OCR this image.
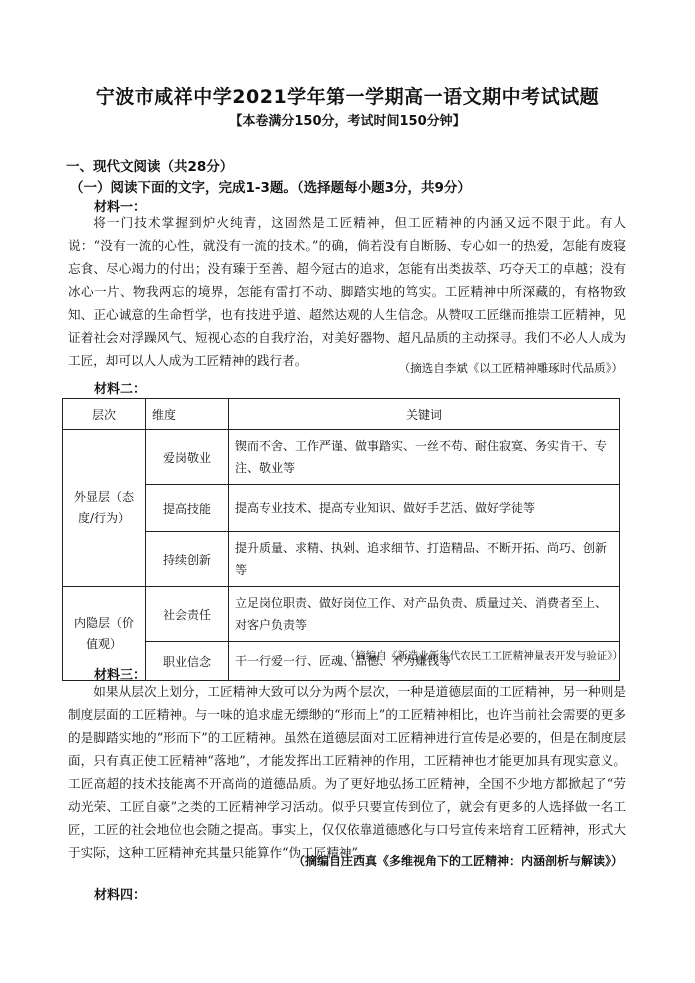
宁波市咸祥中学2021学年第一学期高一语文期中考试试题
【本卷满分150分，考试时间150分钟】
一、现代文阅读（共28分）
（一）阅读下面的文字，完成1-3题。（选择题每小题3分，共9分）
材料一：

将一门技术掌握到炉火纯青，这固然是工匠精神，但工匠精神的内涵又远不限于此。有人说：“没有一流的心性，就没有一流的技术。”的确，倘若没有自断肠、专心如一的热爱，怎能有废寝忘食、尽心竭力的付出；没有臻于至善、超今冠古的追求，怎能有出类拔萃、巧夺天工的卓越；没有冰心一片、物我两忘的境界，怎能有雷打不动、脚踏实地的笃实。工匠精神中所深藏的，有格物致知、正心诚意的生命哲学，也有技进乎道、超然达观的人生信念。从赞叹工匠继而推崇工匠精神，见证着社会对浮躁风气、短视心态的自我疗治，对美好器物、超凡品质的主动探寻。我们不必人人成为工匠，却可以人人成为工匠精神的践行者。	（摘选自李斌《以工匠精神雕琢时代品质》）
材料二：
层次	维度	关键词
外显层（态度/行为）	爱岗敬业	锲而不舍、工作严谨、做事踏实、一丝不苟、耐住寂寞、务实肯干、专注、敬业等
	提高技能	提高专业技术、提高专业知识、做好手艺活、做好学徒等
	持续创新	提升质量、求精、执剁、追求细节、打造精品、不断开拓、尚巧、创新等
内隐层（价值观）	社会责任	立足岗位职责、做好岗位工作、对产品负责、质量过关、消费者至上、对客户负责等
	职业信念	干一行爱一行、匠魂、品德、不为赚钱等
（摘编自《新造业新生代农民工工匠精神量表开发与验证》）
材料三：

如果从层次上划分，工匠精神大致可以分为两个层次，一种是道德层面的工匠精神，另一种则是制度层面的工匠精神。与一味的追求虚无缥缈的“形而上”的工匠精神相比，也许当前社会需要的更多的是脚踏实地的“形而下”的工匠精神。虽然在道德层面对工匠精神进行宣传是必要的，但是在制度层面，只有真正使工匠精神“落地”，才能发挥出工匠精神的作用，工匠精神也才能更加具有现实意义。工匠高超的技术技能离不开高尚的道德品质。为了更好地弘扬工匠精神，全国不少地方都掀起了“劳动光荣、工匠自豪”之类的工匠精神学习活动。似乎只要宣传到位了，就会有更多的人选择做一名工匠，工匠的社会地位也会随之提高。事实上，仅仅依靠道德感化与口号宣传来培育工匠精神，形式大于实际，这种工匠精神充其量只能算作“伪工匠精神”。

（摘编自庄西真《多维视角下的工匠精神：内涵剖析与解读》）
材料四：
